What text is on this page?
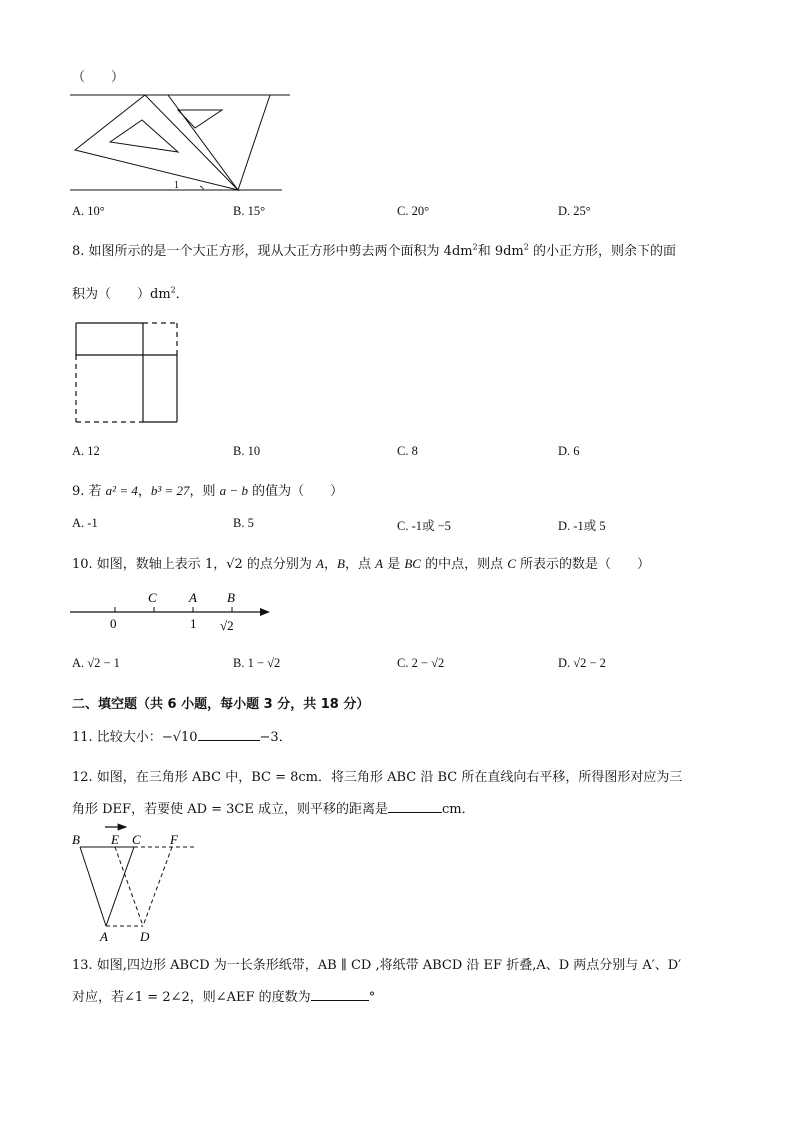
（　　）
1
A. 10°	B. 15°	C. 20°	D. 25°
8. 如图所示的是一个大正方形，现从大正方形中剪去两个面积为 $4dm^2$和 $9dm^2$ 的小正方形，则余下的面
积为（　　）$dm^2$．
A. 12	B. 10	C. 8	D. 6
9. 若 a² = 4，b³ = 27，则 a − b 的值为（　　）
A. -1	B. 5	C. -1或 −5	D. -1或 5
10. 如图，数轴上表示 1，√2 的点分别为 A，B，点 A 是 BC 的中点，则点 C 所表示的数是（　　）
C A B
0	1 √2
A. √2 − 1	B. 1 − √2	C. 2 − √2	D. √2 − 2
二、填空题（共 6 小题，每小题 3 分，共 18 分）
11. 比较大小：−√10	−3．
12. 如图，在三角形 ABC 中，BC = 8cm．将三角形 ABC 沿 BC 所在直线向右平移，所得图形对应为三
角形 DEF，若要使 AD = 3CE 成立，则平移的距离是	cm．
B E C F
A D
13. 如图,四边形 ABCD 为一长条形纸带，AB ∥ CD ,将纸带 ABCD 沿 EF 折叠,A、D 两点分别与 A′、D′
对应，若∠1 = 2∠2，则∠AEF 的度数为	°
